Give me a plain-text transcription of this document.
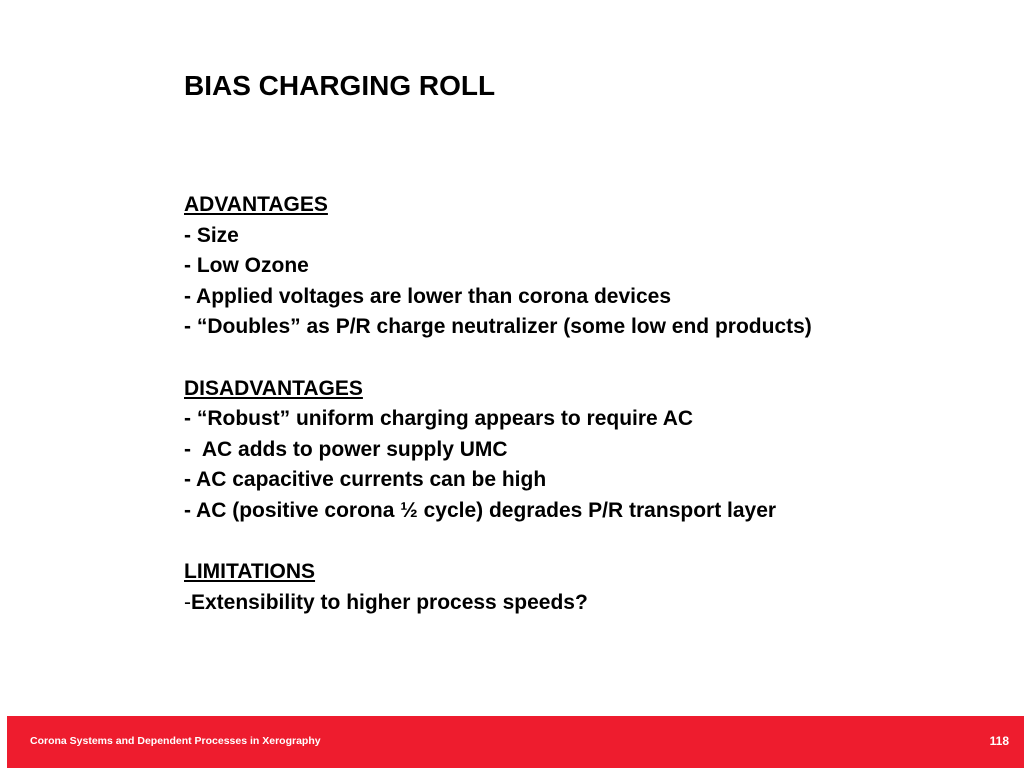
BIAS CHARGING ROLL
ADVANTAGES
- Size
- Low Ozone
- Applied voltages are lower than corona devices
- “Doubles” as P/R charge neutralizer (some low end products)
DISADVANTAGES
- “Robust” uniform charging appears to require AC
-  AC adds to power supply UMC
- AC capacitive currents can be high
- AC (positive corona ½ cycle) degrades P/R transport layer
LIMITATIONS
-Extensibility to higher process speeds?
Corona Systems and Dependent Processes in Xerography	118
